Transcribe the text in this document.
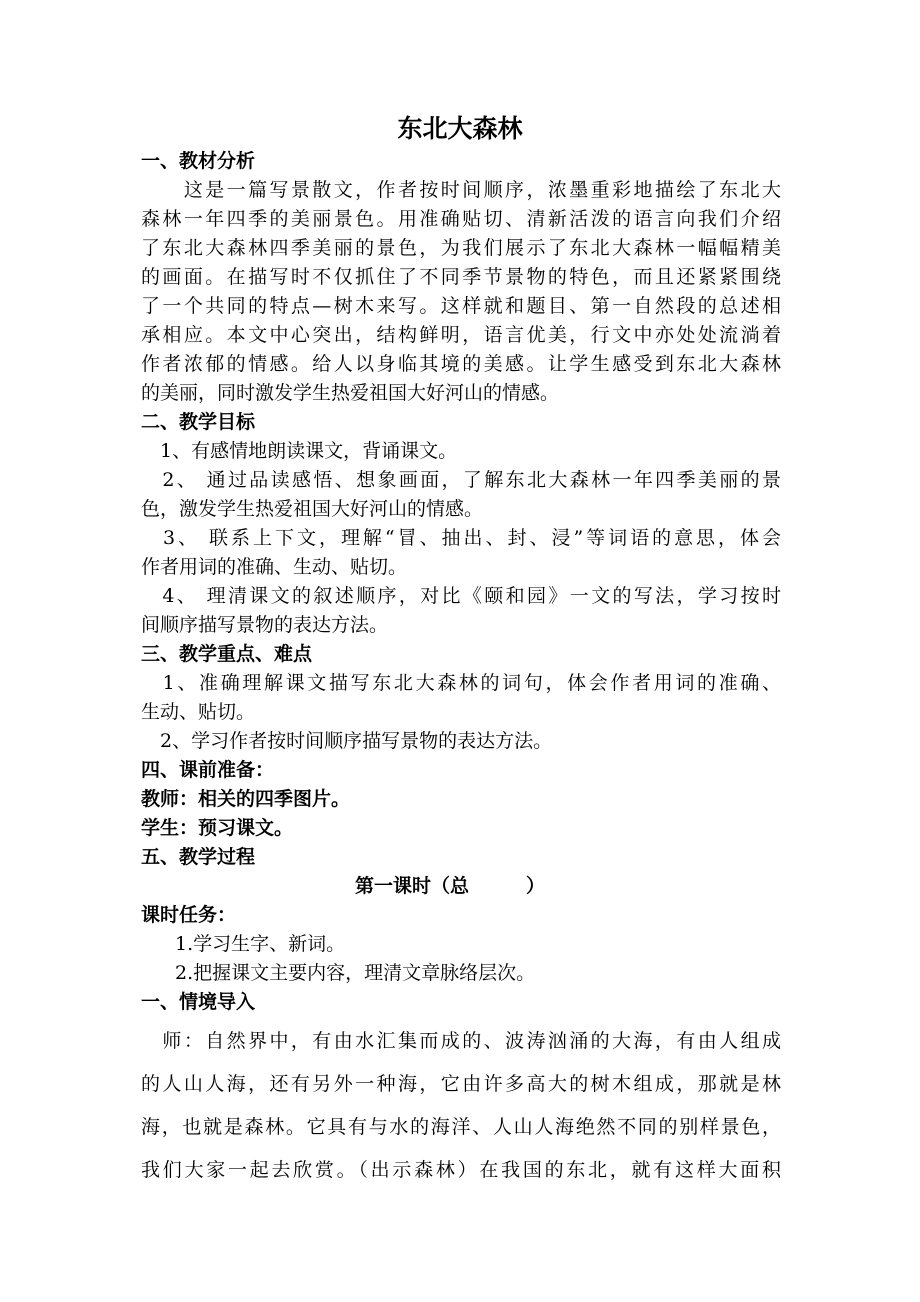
东北大森林
一、教材分析
　　这是一篇写景散文，作者按时间顺序，浓墨重彩地描绘了东北大
森林一年四季的美丽景色。用准确贴切、清新活泼的语言向我们介绍
了东北大森林四季美丽的景色，为我们展示了东北大森林一幅幅精美
的画面。在描写时不仅抓住了不同季节景物的特色，而且还紧紧围绕
了一个共同的特点—树木来写。这样就和题目、第一自然段的总述相
承相应。本文中心突出，结构鲜明，语言优美，行文中亦处处流淌着
作者浓郁的情感。给人以身临其境的美感。让学生感受到东北大森林
的美丽，同时激发学生热爱祖国大好河山的情感。
二、教学目标
　1、有感情地朗读课文，背诵课文。
　2、 通过品读感悟、想象画面，了解东北大森林一年四季美丽的景
色，激发学生热爱祖国大好河山的情感。
　3、 联系上下文，理解“冒、抽出、封、浸”等词语的意思，体会
作者用词的准确、生动、贴切。
　4、 理清课文的叙述顺序，对比《颐和园》一文的写法，学习按时
间顺序描写景物的表达方法。
三、教学重点、难点
　1、准确理解课文描写东北大森林的词句，体会作者用词的准确、
生动、贴切。
　2、学习作者按时间顺序描写景物的表达方法。
四、课前准备：
教师：相关的四季图片。
学生：预习课文。
五、教学过程
第一课时（总　　　）
课时任务：
1.学习生字、新词。
2.把握课文主要内容，理清文章脉络层次。
一、情境导入
　师：自然界中，有由水汇集而成的、波涛汹涌的大海，有由人组成
的人山人海，还有另外一种海，它由许多高大的树木组成，那就是林
海，也就是森林。它具有与水的海洋、人山人海绝然不同的别样景色，
我们大家一起去欣赏。（出示森林）在我国的东北，就有这样大面积
